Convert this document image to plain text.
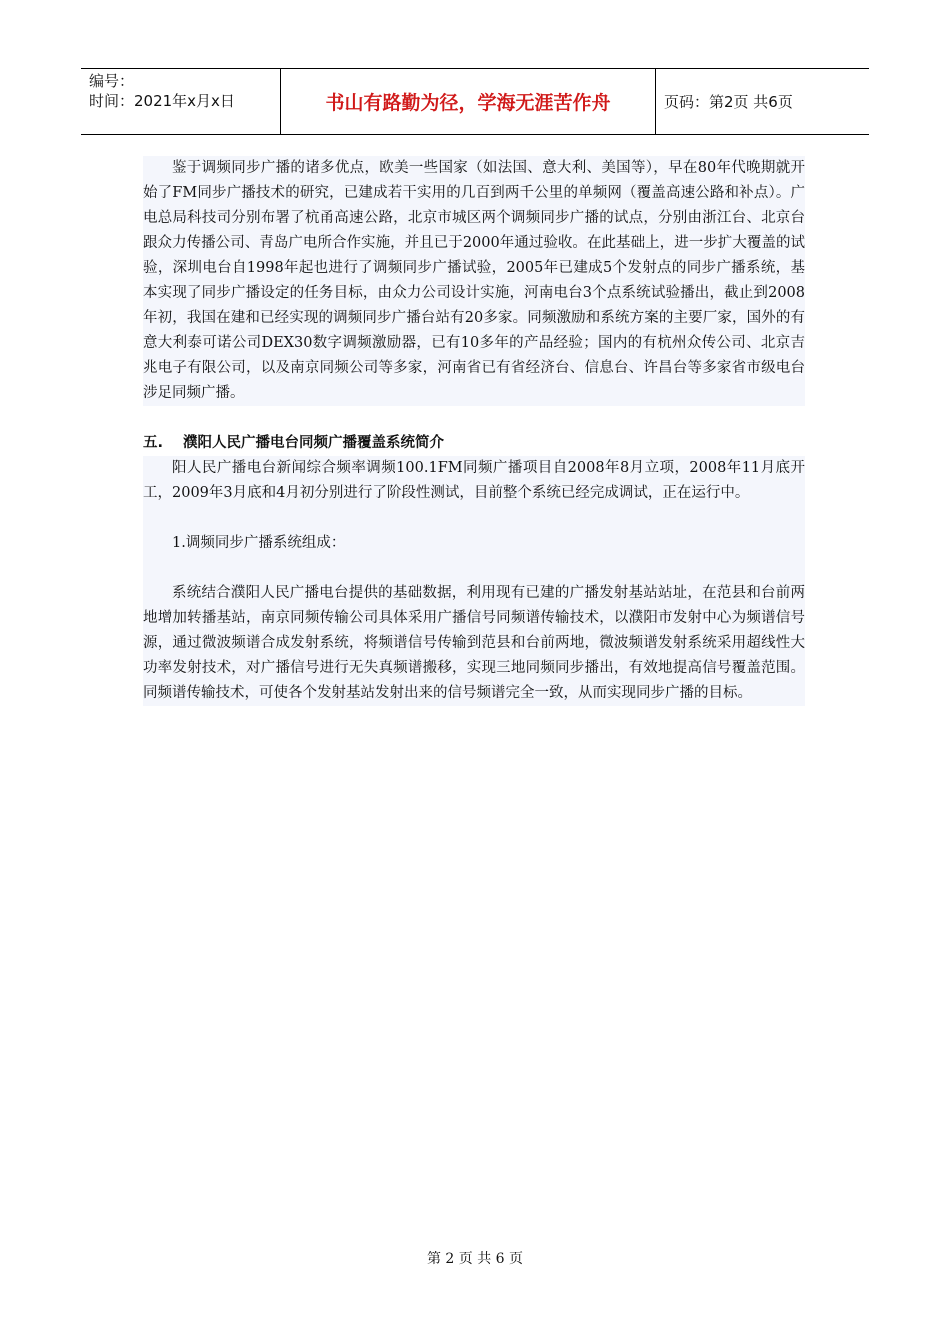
编号：
时间：2021年x月x日	书山有路勤为径，学海无涯苦作舟	页码：第2页 共6页

鉴于调频同步广播的诸多优点，欧美一些国家（如法国、意大利、美国等），早在80年代晚期就开始了FM同步广播技术的研究，已建成若干实用的几百到两千公里的单频网（覆盖高速公路和补点）。广电总局科技司分别布署了杭甬高速公路，北京市城区两个调频同步广播的试点，分别由浙江台、北京台跟众力传播公司、青岛广电所合作实施，并且已于2000年通过验收。在此基础上，进一步扩大覆盖的试验，深圳电台自1998年起也进行了调频同步广播试验，2005年已建成5个发射点的同步广播系统，基本实现了同步广播设定的任务目标，由众力公司设计实施，河南电台3个点系统试验播出，截止到2008年初，我国在建和已经实现的调频同步广播台站有20多家。同频激励和系统方案的主要厂家，国外的有意大利泰可诺公司DEX30数字调频激励器，已有10多年的产品经验；国内的有杭州众传公司、北京吉兆电子有限公司，以及南京同频公司等多家，河南省已有省经济台、信息台、许昌台等多家省市级电台涉足同频广播。

五. 濮阳人民广播电台同频广播覆盖系统简介

阳人民广播电台新闻综合频率调频100.1FM同频广播项目自2008年8月立项，2008年11月底开工，2009年3月底和4月初分别进行了阶段性测试，目前整个系统已经完成调试，正在运行中。

1.调频同步广播系统组成：

系统结合濮阳人民广播电台提供的基础数据，利用现有已建的广播发射基站站址，在范县和台前两地增加转播基站，南京同频传输公司具体采用广播信号同频谱传输技术，以濮阳市发射中心为频谱信号源，通过微波频谱合成发射系统，将频谱信号传输到范县和台前两地，微波频谱发射系统采用超线性大功率发射技术，对广播信号进行无失真频谱搬移，实现三地同频同步播出，有效地提高信号覆盖范围。同频谱传输技术，可使各个发射基站发射出来的信号频谱完全一致，从而实现同步广播的目标。

第 2 页 共 6 页
